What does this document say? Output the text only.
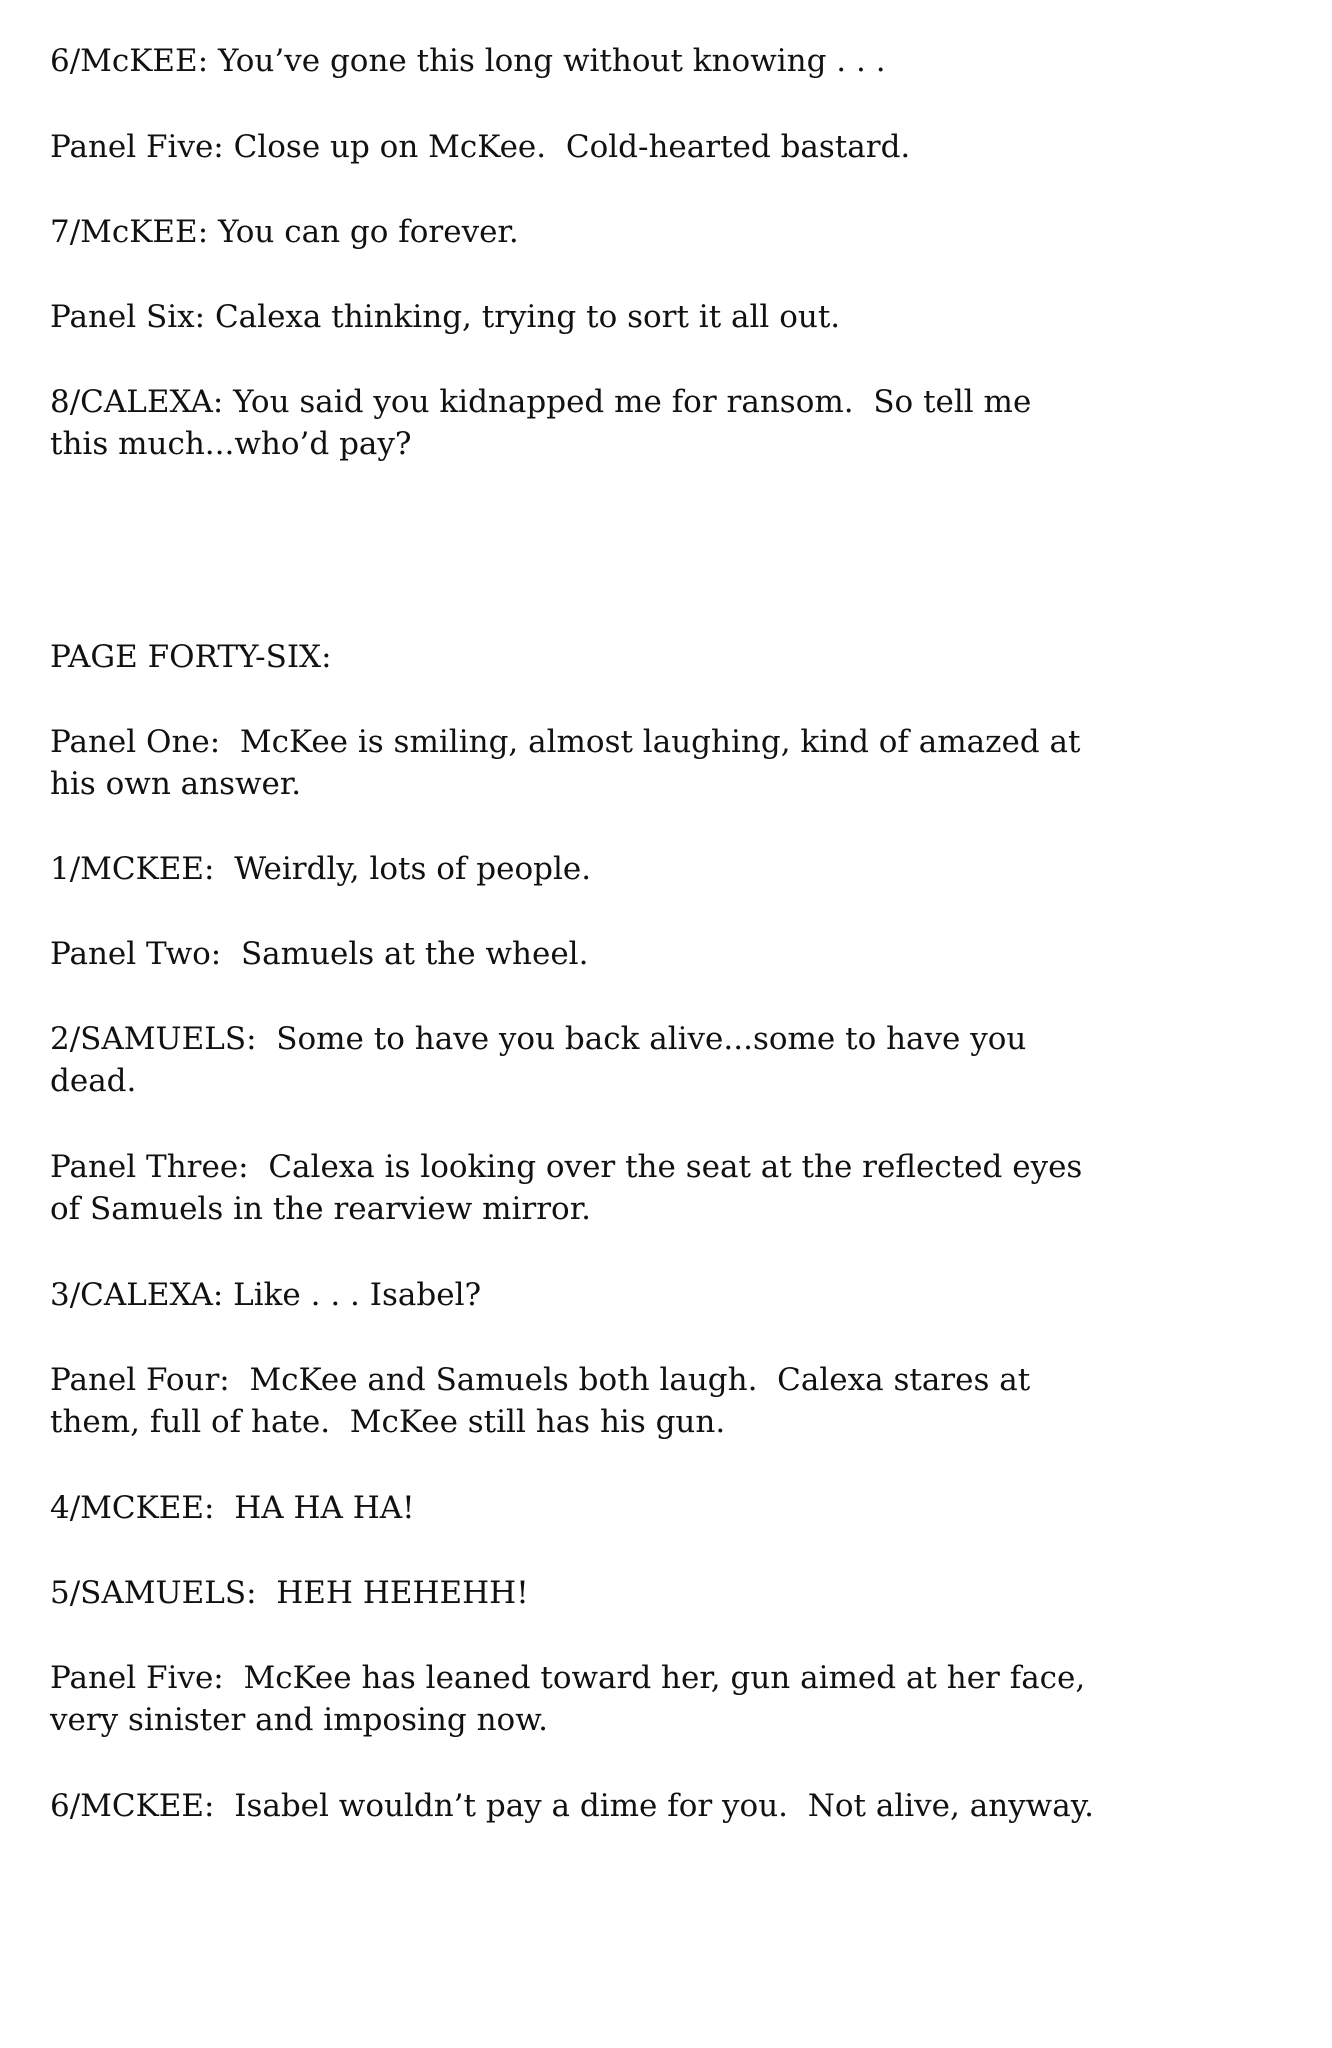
6/McKEE: You’ve gone this long without knowing . . .

Panel Five: Close up on McKee.  Cold-hearted bastard.

7/McKEE: You can go forever.

Panel Six: Calexa thinking, trying to sort it all out.

8/CALEXA: You said you kidnapped me for ransom.  So tell me
this much...who’d pay?

PAGE FORTY-SIX:

Panel One:  McKee is smiling, almost laughing, kind of amazed at
his own answer.

1/MCKEE:  Weirdly, lots of people.

Panel Two:  Samuels at the wheel.

2/SAMUELS:  Some to have you back alive...some to have you
dead.

Panel Three:  Calexa is looking over the seat at the reflected eyes
of Samuels in the rearview mirror.

3/CALEXA: Like . . . Isabel?

Panel Four:  McKee and Samuels both laugh.  Calexa stares at
them, full of hate.  McKee still has his gun.

4/MCKEE:  HA HA HA!

5/SAMUELS:  HEH HEHEHH!

Panel Five:  McKee has leaned toward her, gun aimed at her face,
very sinister and imposing now.

6/MCKEE:  Isabel wouldn’t pay a dime for you.  Not alive, anyway.
